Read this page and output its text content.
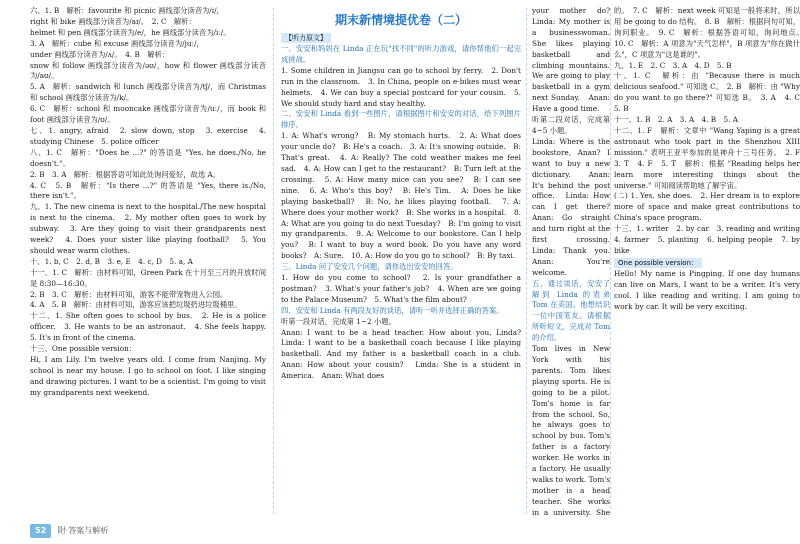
六、1. B　解析：favourite 和 picnic 画线部分读音为/ɪ/，

right 和 bike 画线部分读音为/aɪ/。　2. C　解析：

helmet 和 pen 画线部分读音为/e/，he 画线部分读音为/iː/。

3. A　解析：cube 和 excuse 画线部分读音为/juː/，

under 画线部分读音为/ʌ/。　4. B　解析：

snow 和 follow 画线部分读音为/əʊ/，how 和 flower 画线部分读音为/aʊ/。

5. A　解析：sandwich 和 lunch 画线部分读音为/tʃ/，而 Christmas 和 school 画线部分读音为/k/。

6. C　解析：school 和 mooncake 画线部分读音为/uː/，而 book 和 foot 画线部分读音为/ʊ/。

七、1. angry, afraid　2. slow down, stop　3. exercise　4. studying Chinese　5. police officer

八、1. C　解析："Does he ...?" 的答语是 "Yes, he does./No, he doesn't."。

2. B　3. A　解析：根据答语可知此处询问爱好，故选 A。

4. C　5. B　解析："Is there ...?" 的答语是 "Yes, there is./No, there isn't."。

九、1. The new cinema is next to the hospital./The new hospital is next to the cinema.　2. My mother often goes to work by subway.　3. Are they going to visit their grandparents next week?　4. Does your sister like playing football?　5. You should wear warm clothes.

十、1. b, C　2. d, B　3. e, E　4. c, D　5. a, A

十一、1. C　解析：由材料可知，Green Park 在十月至三月的开放时间是 8:30—16:30。

2. B　3. C　解析：由材料可知，游客不能带宠物进入公园。

4. A　5. B　解析：由材料可知，游客应该把垃圾扔进垃圾桶里。

十二、1. She often goes to school by bus.　2. He is a police officer.　3. He wants to be an astronaut.　4. She feels happy.　5. It's in front of the cinema.

十三、One possible version：

Hi, I am Lily. I'm twelve years old. I come from Nanjing. My school is near my house. I go to school on foot. I like singing and drawing pictures. I want to be a scientist. I'm going to visit my grandparents next weekend.

期末新情境提优卷（二）
【听力原文】

一、安安和妈妈在 Linda 正在玩"找不同"的听力游戏，请你帮他们一起完成挑战。

1. Some children in Jiangsu can go to school by ferry.　2. Don't run in the classroom.　3. In China, people on e-bikes must wear helmets.　4. We can buy a special postcard for your cousin.　5. We should study hard and stay healthy.

二、安安和 Linda 看到一些图片，请根据图片和安安的对话，给下列图片排序。

1. A: What's wrong?　B: My stomach hurts.　2. A: What does your uncle do?　B: He's a coach.　3. A: It's snowing outside.　B: That's great.　4. A: Really? The cold weather makes me feel sad.　4. A: How can I get to the restaurant?　B: Turn left at the crossing.　5. A: How many mice can you see?　B: I can see nine.　6. A: Who's this boy?　B: He's Tim.　A: Does he like playing basketball?　B: No, he likes playing football.　7. A: Where does your mother work?　B: She works in a hospital.　8. A: What are you going to do next Tuesday?　B: I'm going to visit my grandparents.　9. A: Welcome to our bookstore. Can I help you?　B: I want to buy a word book. Do you have any word books?　A: Sure.　10. A: How do you go to school?　B: By taxi.

三、Linda 问了安安几个问题，请你选出安安的回答。

1. How do you come to school?　2. Is your grandfather a postman?　3. What's your father's job?　4. When are we going to the Palace Museum?　5. What's the film about?

四、安安和 Linda 有两段友好的谈话，请听一听并选择正确的答案。

听第一段对话，完成第 1~2 小题。

Anan: I want to be a head teacher. How about you, Linda?　Linda: I want to be a basketball coach because I like playing basketball. And my father is a basketball coach in a club.　Anan: How about your cousin?　Linda: She is a student in America.　Anan: What does

your mother do?　Linda: My mother is a businesswoman. She likes playing basketball and climbing mountains. We are going to play basketball in a gym next Sunday.　Anan: Have a good time.

听第二段对话，完成第 4~5 小题。

Linda: Where is the bookstore, Anan? I want to buy a new dictionary.　Anan: It's behind the post office.　Linda: How can I get there?　Anan: Go straight and turn right at the first crossing.　Linda: Thank you.　Anan: You're welcome.

五、通过谈话，安安了解到 Linda 的表弟 Tom 在美国。他想结识一位中国笔友。请根据所听短文，完成对 Tom 的介绍。

Tom lives in New York with his parents. Tom likes playing sports. He is going to be a pilot. Tom's home is far from the school. So, he always goes to school by bus. Tom's father is a factory worker. He works in a factory. He usually walks to work. Tom's mother is a head teacher. She works in a university. She

的。　7. C　解析：next week 可知是一般将来时，所以用 be going to do 结构。　8. B　解析：根据问句可知，询问职业。　9. C　解析：根据答语可知，询问地点。　10. C　解析：A 项意为"天气怎样"，B 项意为"你在做什么"，C 项意为"这是谁的"。

九、1. E　2. C　3. A　4. D　5. B

十、1. C　解析：由 "Because there is much delicious seafood." 可知选 C。　2. B　解析：由 "Why do you want to go there?" 可知选 B。　3. A　4. C　5. B

十一、1. B　2. A　3. A　4. B　5. A

十二、1. F　解析：文章中 "Wang Yaping is a great astronaut who took part in the Shenzhou XIII mission." 表明王亚平参加的是神舟十三号任务。　2. F　3. T　4. F　5. T　解析：根据 "Reading helps her learn more interesting things about the universe." 可知阅读帮助她了解宇宙。

(二) 1. Yes, she does.　2. Her dream is to explore more of space and make great contributions to China's space program.

十三、1. writer　2. by car　3. reading and writing　4. farmer　5. planting　6. helping people　7. by bike

One possible version：

Hello! My name is Pingping. If one day humans can live on Mars, I want to be a writer. It's very cool. I like reading and writing. I am going to work by car. It will be very exciting.

52 附·答案与解析
